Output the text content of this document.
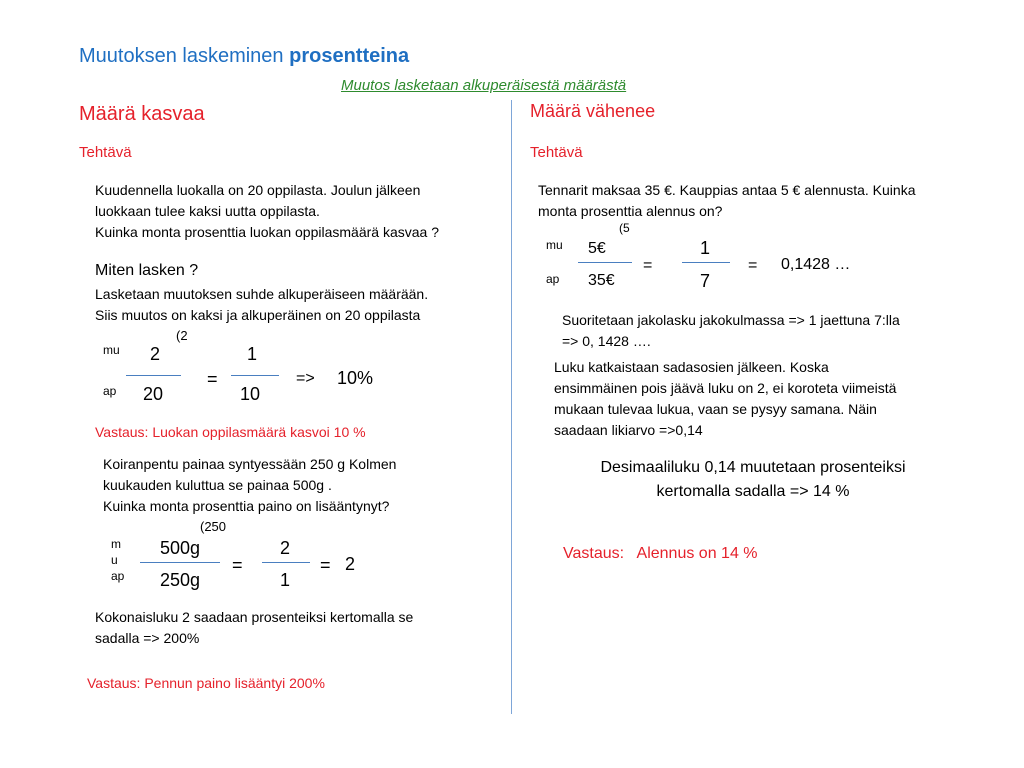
Muutoksen laskeminen prosentteina
Muutos lasketaan alkuperäisestä määrästä
Määrä kasvaa
Tehtävä
Kuudennella luokalla on 20 oppilasta. Joulun jälkeen
luokkaan tulee kaksi uutta oppilasta.
Kuinka monta prosenttia luokan oppilasmäärä kasvaa ?
Miten lasken ?
Lasketaan muutoksen suhde alkuperäiseen määrään.
Siis muutos on kaksi ja alkuperäinen on 20 oppilasta
(2
mu
ap
2
20
=
1
10
=> 10%
Vastaus: Luokan oppilasmäärä kasvoi 10 %
Koiranpentu painaa syntyessään 250 g Kolmen
kuukauden kuluttua se painaa 500g .
Kuinka monta prosenttia paino on lisääntynyt?
(250
m
u
ap
500g
250g
=
2
1
= 2
Kokonaisluku 2 saadaan prosenteiksi kertomalla se
sadalla => 200%
Vastaus: Pennun paino lisääntyi 200%
Määrä vähenee
Tehtävä
Tennarit maksaa 35 €. Kauppias antaa 5 € alennusta. Kuinka
monta prosenttia alennus on?
(5
mu
ap
5€
35€
=
1
7
= 0,1428 …
Suoritetaan jakolasku jakokulmassa => 1 jaettuna 7:lla
=> 0, 1428 ….
Luku katkaistaan sadasosien jälkeen. Koska
ensimmäinen pois jäävä luku on 2, ei koroteta viimeistä
mukaan tulevaa lukua, vaan se pysyy samana. Näin
saadaan likiarvo =>0,14
Desimaaliluku 0,14 muutetaan prosenteiksi
kertomalla sadalla => 14 %
Vastaus: Alennus on 14 %
